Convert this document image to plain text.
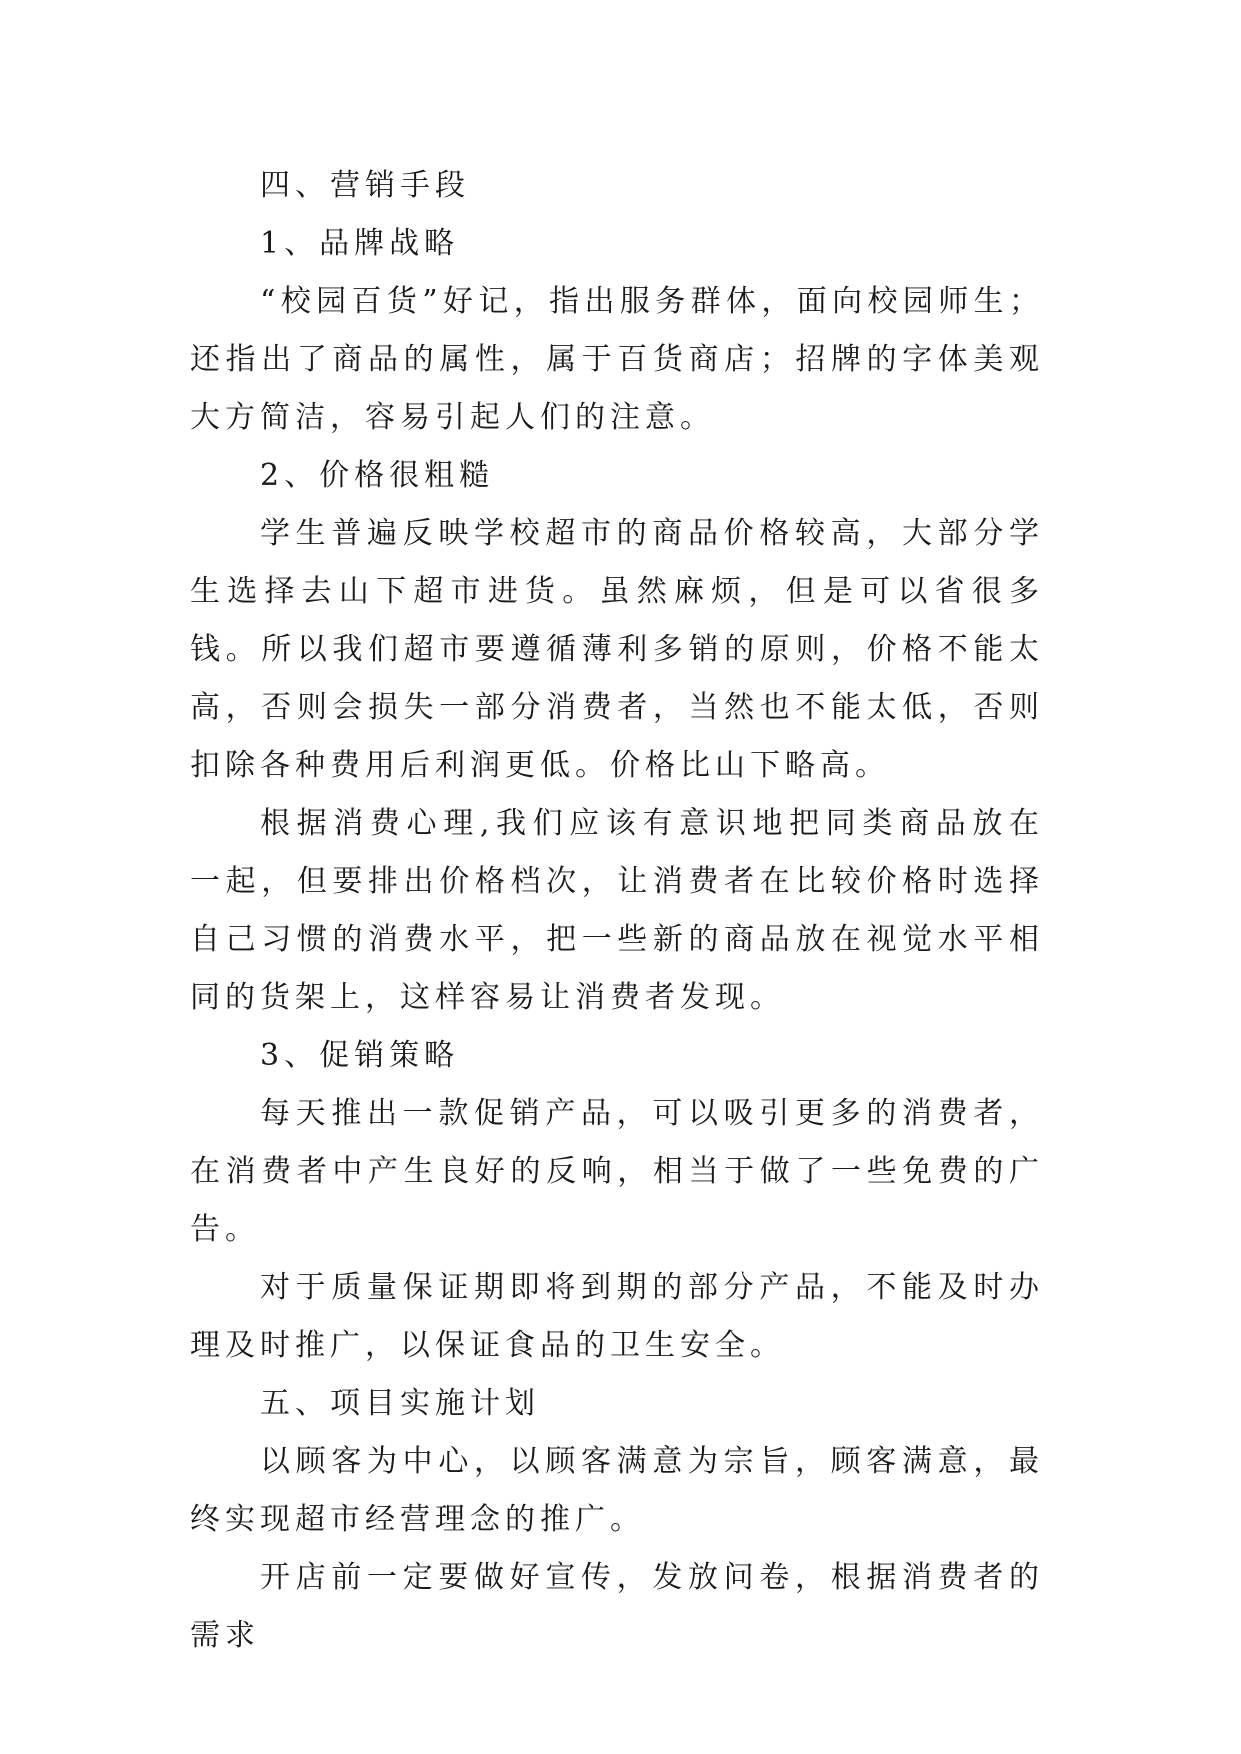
四、营销手段

1、品牌战略

“校园百货”好记，指出服务群体，面向校园师生；还指出了商品的属性，属于百货商店；招牌的字体美观大方简洁，容易引起人们的注意。

2、价格很粗糙

学生普遍反映学校超市的商品价格较高，大部分学生选择去山下超市进货。虽然麻烦，但是可以省很多钱。所以我们超市要遵循薄利多销的原则，价格不能太高，否则会损失一部分消费者，当然也不能太低，否则扣除各种费用后利润更低。价格比山下略高。

根据消费心理,我们应该有意识地把同类商品放在一起，但要排出价格档次，让消费者在比较价格时选择自己习惯的消费水平，把一些新的商品放在视觉水平相同的货架上，这样容易让消费者发现。

3、促销策略

每天推出一款促销产品，可以吸引更多的消费者，在消费者中产生良好的反响，相当于做了一些免费的广告。

对于质量保证期即将到期的部分产品，不能及时办理及时推广，以保证食品的卫生安全。

五、项目实施计划

以顾客为中心，以顾客满意为宗旨，顾客满意，最终实现超市经营理念的推广。

开店前一定要做好宣传，发放问卷，根据消费者的需求
